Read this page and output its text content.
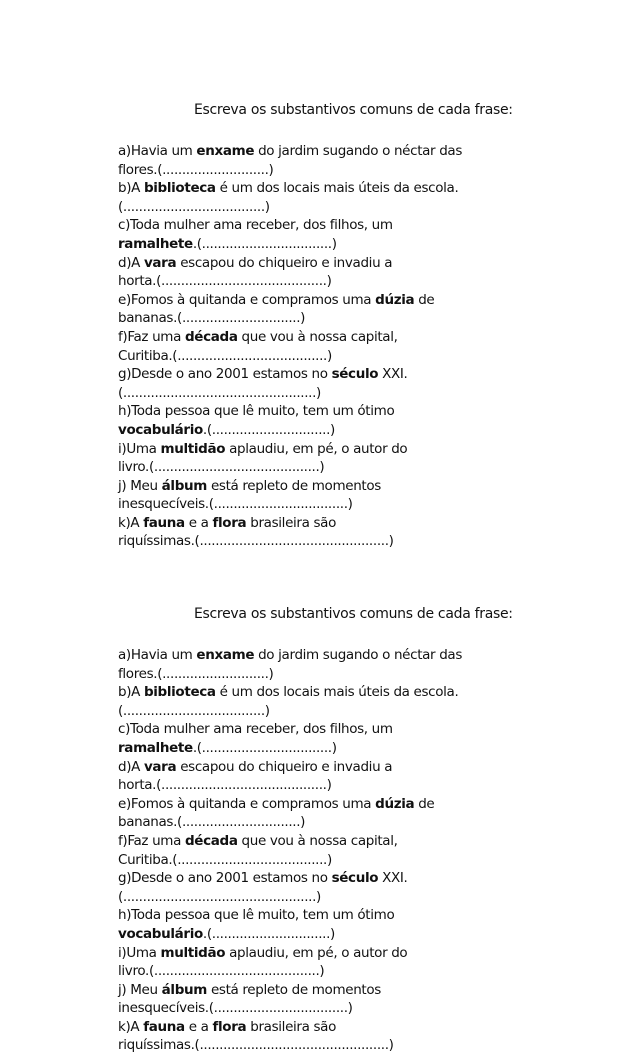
Escreva os substantivos comuns de cada frase:
a)Havia um enxame do jardim sugando o néctar das
flores.(...........................)
b)A biblioteca é um dos locais mais úteis da escola.
(....................................)
c)Toda mulher ama receber, dos filhos, um
ramalhete.(.................................)
d)A vara escapou do chiqueiro e invadiu a
horta.(..........................................)
e)Fomos à quitanda e compramos uma dúzia de
bananas.(..............................)
f)Faz uma década que vou à nossa capital,
Curitiba.(......................................)
g)Desde o ano 2001 estamos no século XXI.
(.................................................)
h)Toda pessoa que lê muito, tem um ótimo
vocabulário.(..............................)
i)Uma multidão aplaudiu, em pé, o autor do
livro.(..........................................)
j) Meu álbum está repleto de momentos
inesquecíveis.(..................................)
k)A fauna e a flora brasileira são
riquíssimas.(................................................)
Escreva os substantivos comuns de cada frase:
a)Havia um enxame do jardim sugando o néctar das
flores.(...........................)
b)A biblioteca é um dos locais mais úteis da escola.
(....................................)
c)Toda mulher ama receber, dos filhos, um
ramalhete.(.................................)
d)A vara escapou do chiqueiro e invadiu a
horta.(..........................................)
e)Fomos à quitanda e compramos uma dúzia de
bananas.(..............................)
f)Faz uma década que vou à nossa capital,
Curitiba.(......................................)
g)Desde o ano 2001 estamos no século XXI.
(.................................................)
h)Toda pessoa que lê muito, tem um ótimo
vocabulário.(..............................)
i)Uma multidão aplaudiu, em pé, o autor do
livro.(..........................................)
j) Meu álbum está repleto de momentos
inesquecíveis.(..................................)
k)A fauna e a flora brasileira são
riquíssimas.(................................................)
